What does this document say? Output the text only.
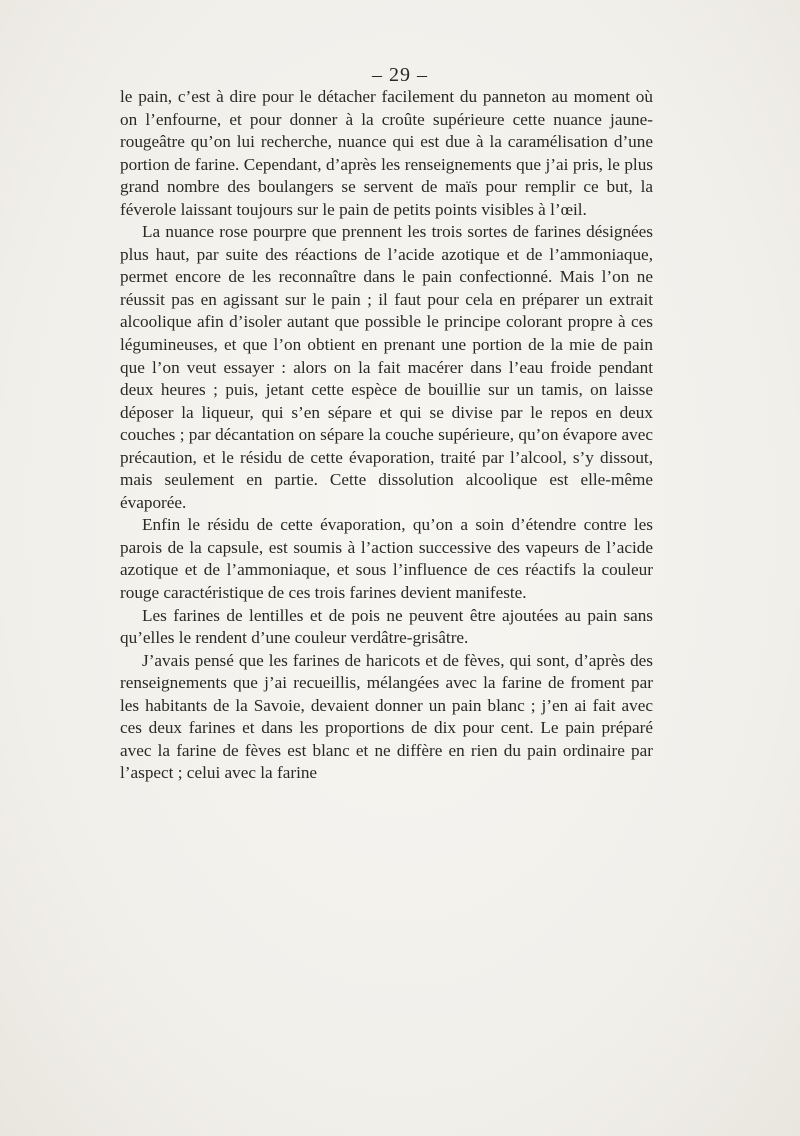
– 29 –

le pain, c’est à dire pour le détacher facilement du panneton au moment où on l’enfourne, et pour donner à la croûte supérieure cette nuance jaune-rougeâtre qu’on lui recherche, nuance qui est due à la caramélisation d’une portion de farine. Cependant, d’après les renseignements que j’ai pris, le plus grand nombre des boulangers se servent de maïs pour remplir ce but, la féverole laissant toujours sur le pain de petits points visibles à l’œil.

La nuance rose pourpre que prennent les trois sortes de farines désignées plus haut, par suite des réactions de l’acide azotique et de l’ammoniaque, permet encore de les reconnaître dans le pain confectionné. Mais l’on ne réussit pas en agissant sur le pain ; il faut pour cela en préparer un extrait alcoolique afin d’isoler autant que possible le principe colorant propre à ces légumineuses, et que l’on obtient en prenant une portion de la mie de pain que l’on veut essayer : alors on la fait macérer dans l’eau froide pendant deux heures ; puis, jetant cette espèce de bouillie sur un tamis, on laisse déposer la liqueur, qui s’en sépare et qui se divise par le repos en deux couches ; par décantation on sépare la couche supérieure, qu’on évapore avec précaution, et le résidu de cette évaporation, traité par l’alcool, s’y dissout, mais seulement en partie. Cette dissolution alcoolique est elle-même évaporée.

Enfin le résidu de cette évaporation, qu’on a soin d’étendre contre les parois de la capsule, est soumis à l’action successive des vapeurs de l’acide azotique et de l’ammoniaque, et sous l’influence de ces réactifs la couleur rouge caractéristique de ces trois farines devient manifeste.

Les farines de lentilles et de pois ne peuvent être ajoutées au pain sans qu’elles le rendent d’une couleur verdâtre-grisâtre.

J’avais pensé que les farines de haricots et de fèves, qui sont, d’après des renseignements que j’ai recueillis, mélangées avec la farine de froment par les habitants de la Savoie, devaient donner un pain blanc ; j’en ai fait avec ces deux farines et dans les proportions de dix pour cent. Le pain préparé avec la farine de fèves est blanc et ne diffère en rien du pain ordinaire par l’aspect ; celui avec la farine
